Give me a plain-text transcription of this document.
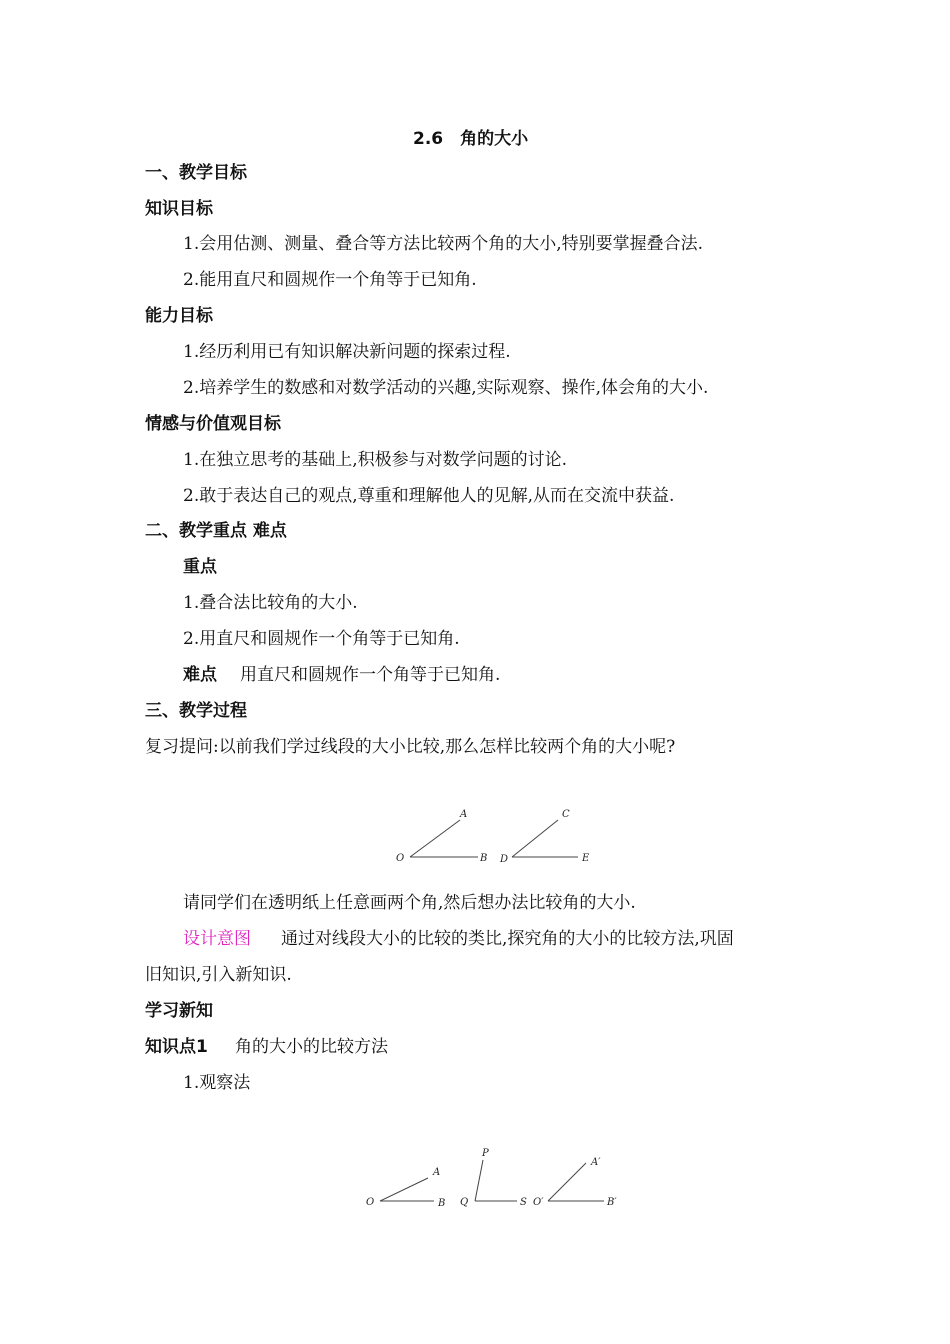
2.6　角的大小
一、教学目标
知识目标
1.会用估测、测量、叠合等方法比较两个角的大小,特别要掌握叠合法.
2.能用直尺和圆规作一个角等于已知角.
能力目标
1.经历利用已有知识解决新问题的探索过程.
2.培养学生的数感和对数学活动的兴趣,实际观察、操作,体会角的大小.
情感与价值观目标
1.在独立思考的基础上,积极参与对数学问题的讨论.
2.敢于表达自己的观点,尊重和理解他人的见解,从而在交流中获益.
二、教学重点 难点
重点
1.叠合法比较角的大小.
2.用直尺和圆规作一个角等于已知角.
难点 用直尺和圆规作一个角等于已知角.
三、教学过程
复习提问:以前我们学过线段的大小比较,那么怎样比较两个角的大小呢?
A
O	B
C
D	E
请同学们在透明纸上任意画两个角,然后想办法比较角的大小.
设计意图 通过对线段大小的比较的类比,探究角的大小的比较方法,巩固
旧知识,引入新知识.
学习新知
知识点1 角的大小的比较方法
1.观察法
A
O	B
P
Q	S
A′
O′	B′
